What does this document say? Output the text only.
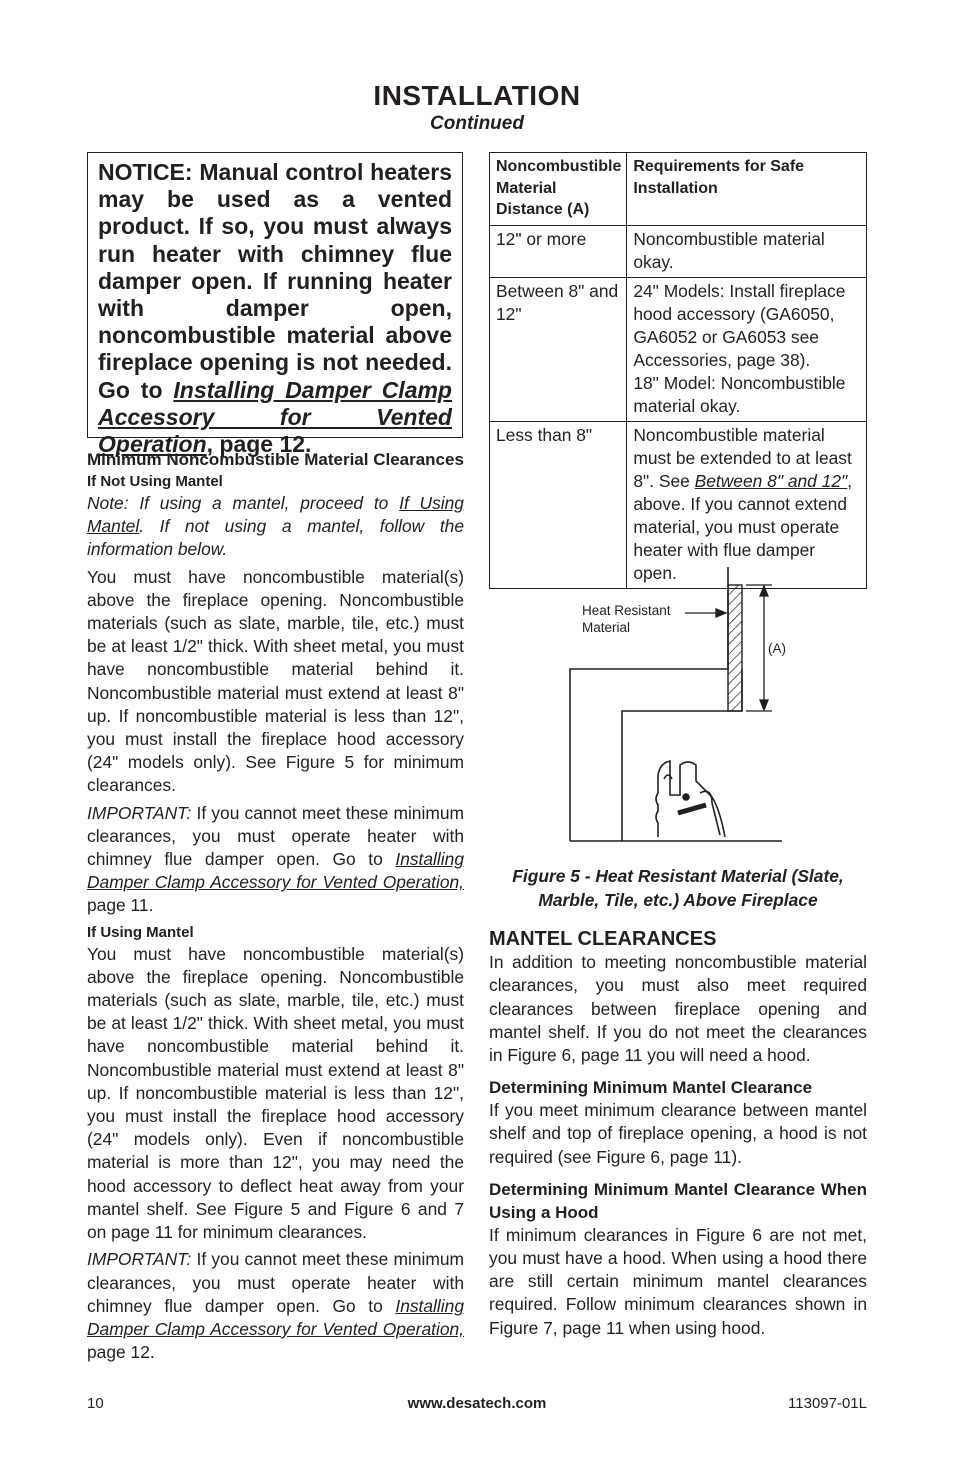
INSTALLATION
Continued
NOTICE: Manual control heaters may be used as a vented product. If so, you must always run heater with chimney flue damper open. If running heater with damper open, noncombustible material above fireplace opening is not needed. Go to Installing Damper Clamp Accessory for Vented Operation, page 12.
Minimum Noncombustible Material Clearances
If Not Using Mantel

Note: If using a mantel, proceed to If Using Mantel. If not using a mantel, follow the information below.

You must have noncombustible material(s) above the fireplace opening. Noncombustible materials (such as slate, marble, tile, etc.) must be at least 1/2" thick. With sheet metal, you must have noncombustible material behind it. Noncombustible material must extend at least 8" up. If noncombustible material is less than 12", you must install the fireplace hood accessory (24" models only). See Figure 5 for minimum clearances.

IMPORTANT: If you cannot meet these minimum clearances, you must operate heater with chimney flue damper open. Go to Installing Damper Clamp Accessory for Vented Operation, page 11.

If Using Mantel

You must have noncombustible material(s) above the fireplace opening. Noncombustible materials (such as slate, marble, tile, etc.) must be at least 1/2" thick. With sheet metal, you must have noncombustible material behind it. Noncombustible material must extend at least 8" up. If noncombustible material is less than 12", you must install the fireplace hood accessory (24" models only). Even if noncombustible material is more than 12", you may need the hood accessory to deflect heat away from your mantel shelf. See Figure 5 and Figure 6 and 7 on page 11 for minimum clearances.

IMPORTANT: If you cannot meet these minimum clearances, you must operate heater with chimney flue damper open. Go to Installing Damper Clamp Accessory for Vented Operation, page 12.

Noncombustible Material Distance (A)	Requirements for Safe Installation
12" or more	Noncombustible material okay.
Between 8" and 12"	24" Models: Install fireplace hood accessory (GA6050, GA6052 or GA6053 see Accessories, page 38).
18" Model: Noncombustible material okay.
Less than 8"	Noncombustible material must be extended to at least 8". See Between 8" and 12", above. If you cannot extend material, you must operate heater with flue damper open.
Heat Resistant
Material
(A)
Figure 5 - Heat Resistant Material (Slate, Marble, Tile, etc.) Above Fireplace
MANTEL CLEARANCES

In addition to meeting noncombustible material clearances, you must also meet required clearances between fireplace opening and mantel shelf. If you do not meet the clearances in Figure 6, page 11 you will need a hood.

Determining Minimum Mantel Clearance

If you meet minimum clearance between mantel shelf and top of fireplace opening, a hood is not required (see Figure 6, page 11).

Determining Minimum Mantel Clearance When Using a Hood

If minimum clearances in Figure 6 are not met, you must have a hood. When using a hood there are still certain minimum mantel clearances required. Follow minimum clearances shown in Figure 7, page 11 when using hood.

10	www.desatech.com	113097-01L
